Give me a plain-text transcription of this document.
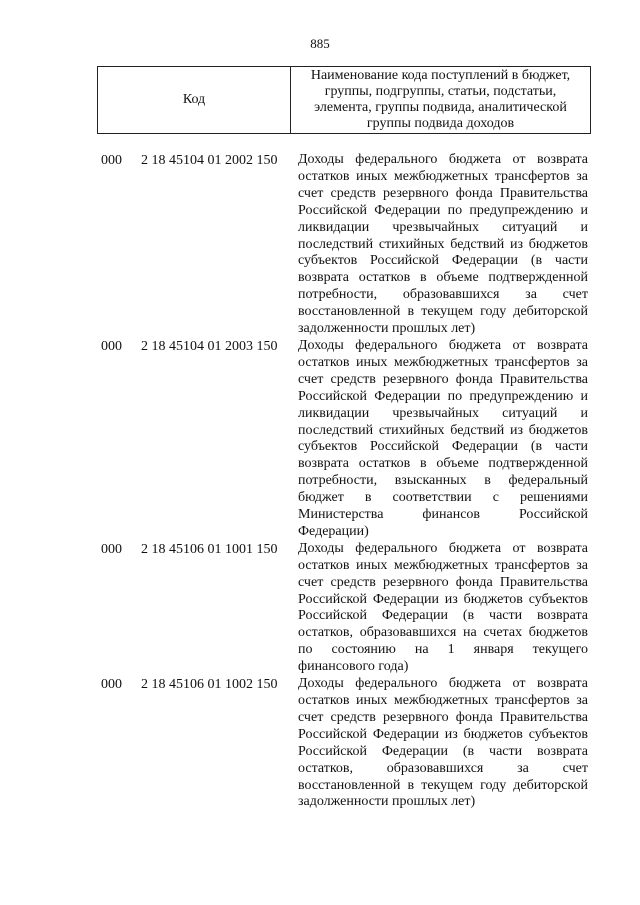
885
Код
Наименование кода поступлений в бюджет, группы, подгруппы, статьи, подстатьи, элемента, группы подвида, аналитической группы подвида доходов
000 2 18 45104 01 2002 150 Доходы федерального бюджета от возврата остатков иных межбюджетных трансфертов за счет средств резервного фонда Правительства Российской Федерации по предупреждению и ликвидации чрезвычайных ситуаций и последствий стихийных бедствий из бюджетов субъектов Российской Федерации (в части возврата остатков в объеме подтвержденной потребности, образовавшихся за счет восстановленной в текущем году дебиторской задолженности прошлых лет)
000 2 18 45104 01 2003 150 Доходы федерального бюджета от возврата остатков иных межбюджетных трансфертов за счет средств резервного фонда Правительства Российской Федерации по предупреждению и ликвидации чрезвычайных ситуаций и последствий стихийных бедствий из бюджетов субъектов Российской Федерации (в части возврата остатков в объеме подтвержденной потребности, взысканных в федеральный бюджет в соответствии с решениями Министерства финансов Российской Федерации)
000 2 18 45106 01 1001 150 Доходы федерального бюджета от возврата остатков иных межбюджетных трансфертов за счет средств резервного фонда Правительства Российской Федерации из бюджетов субъектов Российской Федерации (в части возврата остатков, образовавшихся на счетах бюджетов по состоянию на 1 января текущего финансового года)
000 2 18 45106 01 1002 150 Доходы федерального бюджета от возврата остатков иных межбюджетных трансфертов за счет средств резервного фонда Правительства Российской Федерации из бюджетов субъектов Российской Федерации (в части возврата остатков, образовавшихся за счет восстановленной в текущем году дебиторской задолженности прошлых лет)
